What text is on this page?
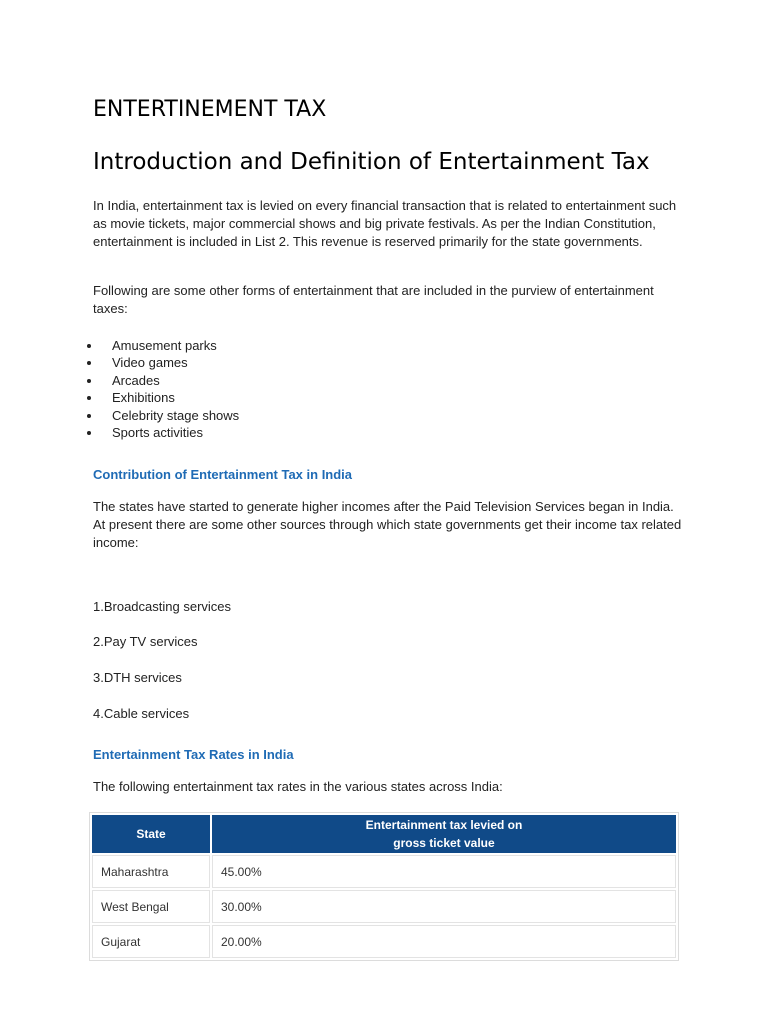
ENTERTINEMENT TAX
Introduction and Definition of Entertainment Tax

In India, entertainment tax is levied on every financial transaction that is related to entertainment such as movie tickets, major commercial shows and big private festivals. As per the Indian Constitution, entertainment is included in List 2. This revenue is reserved primarily for the state governments.

Following are some other forms of entertainment that are included in the purview of entertainment taxes:

Amusement parks
Video games
Arcades
Exhibitions
Celebrity stage shows
Sports activities
Contribution of Entertainment Tax in India

The states have started to generate higher incomes after the Paid Television Services began in India. At present there are some other sources through which state governments get their income tax related income:

1.Broadcasting services

2.Pay TV services

3.DTH services

4.Cable services

Entertainment Tax Rates in India

The following entertainment tax rates in the various states across India:

State	Entertainment tax levied on
gross ticket value

Maharashtra	45.00%
West Bengal	30.00%
Gujarat	20.00%
